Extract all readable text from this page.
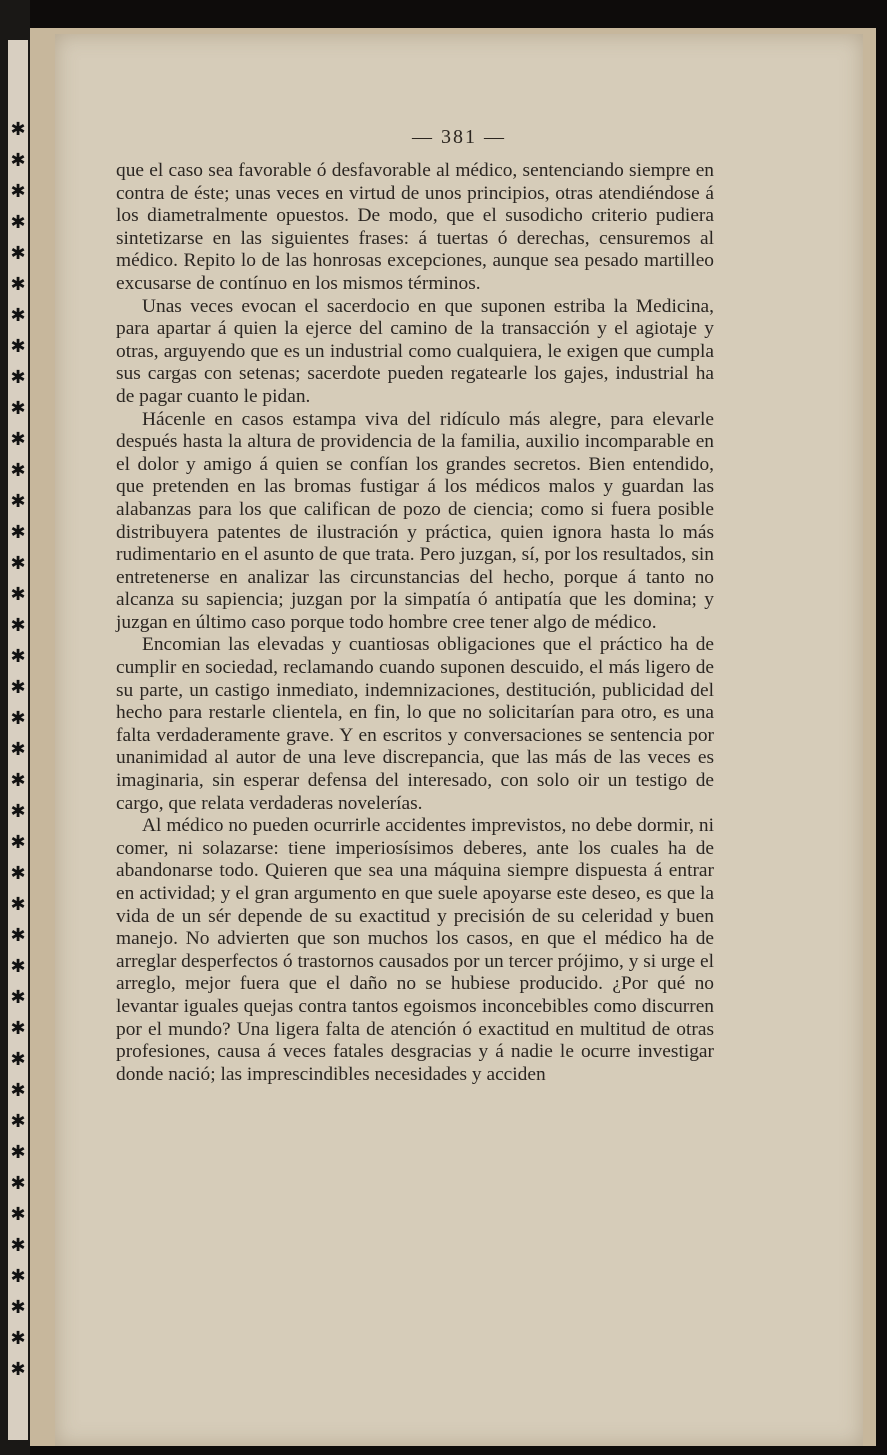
✱
✱
✱
✱
✱
✱
✱
✱
✱
✱
✱
✱
✱
✱
✱
✱
✱
✱
✱
✱
✱
✱
✱
✱
✱
✱
✱
✱
✱
✱
✱
✱
✱
✱
✱
✱
✱
✱
✱
✱
✱
— 381 —

que el caso sea favorable ó desfavorable al médico, sentenciando siempre en contra de éste; unas veces en virtud de unos principios, otras atendiéndose á los diametralmente opuestos. De modo, que el susodicho criterio pudiera sintetizarse en las siguientes frases: á tuertas ó derechas, censuremos al médico. Repito lo de las honrosas excepciones, aunque sea pesado martilleo excusarse de contínuo en los mismos términos.

Unas veces evocan el sacerdocio en que suponen estriba la Medicina, para apartar á quien la ejerce del camino de la transacción y el agiotaje y otras, arguyendo que es un industrial como cualquiera, le exigen que cumpla sus cargas con setenas; sacerdote pueden regatearle los gajes, industrial ha de pagar cuanto le pidan.

Hácenle en casos estampa viva del ridículo más alegre, para elevarle después hasta la altura de providencia de la familia, auxilio incomparable en el dolor y amigo á quien se confían los grandes secretos. Bien entendido, que pretenden en las bromas fustigar á los médicos malos y guardan las alabanzas para los que califican de pozo de ciencia; como si fuera posible distribuyera patentes de ilustración y práctica, quien ignora hasta lo más rudimentario en el asunto de que trata. Pero juzgan, sí, por los resultados, sin entretenerse en analizar las circunstancias del hecho, porque á tanto no alcanza su sapiencia; juzgan por la simpatía ó antipatía que les domina; y juzgan en último caso porque todo hombre cree tener algo de médico.

Encomian las elevadas y cuantiosas obligaciones que el práctico ha de cumplir en sociedad, reclamando cuando suponen descuido, el más ligero de su parte, un castigo inmediato, indemnizaciones, destitución, publicidad del hecho para restarle clientela, en fin, lo que no solicitarían para otro, es una falta verdaderamente grave. Y en escritos y conversaciones se sentencia por unanimidad al autor de una leve discrepancia, que las más de las veces es imaginaria, sin esperar defensa del interesado, con solo oir un testigo de cargo, que relata verdaderas novelerías.

Al médico no pueden ocurrirle accidentes imprevistos, no debe dormir, ni comer, ni solazarse: tiene imperiosísimos deberes, ante los cuales ha de abandonarse todo. Quieren que sea una máquina siempre dispuesta á entrar en actividad; y el gran argumento en que suele apoyarse este deseo, es que la vida de un sér depende de su exactitud y precisión de su celeridad y buen manejo. No advierten que son muchos los casos, en que el médico ha de arreglar desperfectos ó trastornos causados por un tercer prójimo, y si urge el arreglo, mejor fuera que el daño no se hubiese producido. ¿Por qué no levantar iguales quejas contra tantos egoismos inconcebibles como discurren por el mundo? Una ligera falta de atención ó exactitud en multitud de otras profesiones, causa á veces fatales desgracias y á nadie le ocurre investigar donde nació; las imprescindibles necesidades y acciden
